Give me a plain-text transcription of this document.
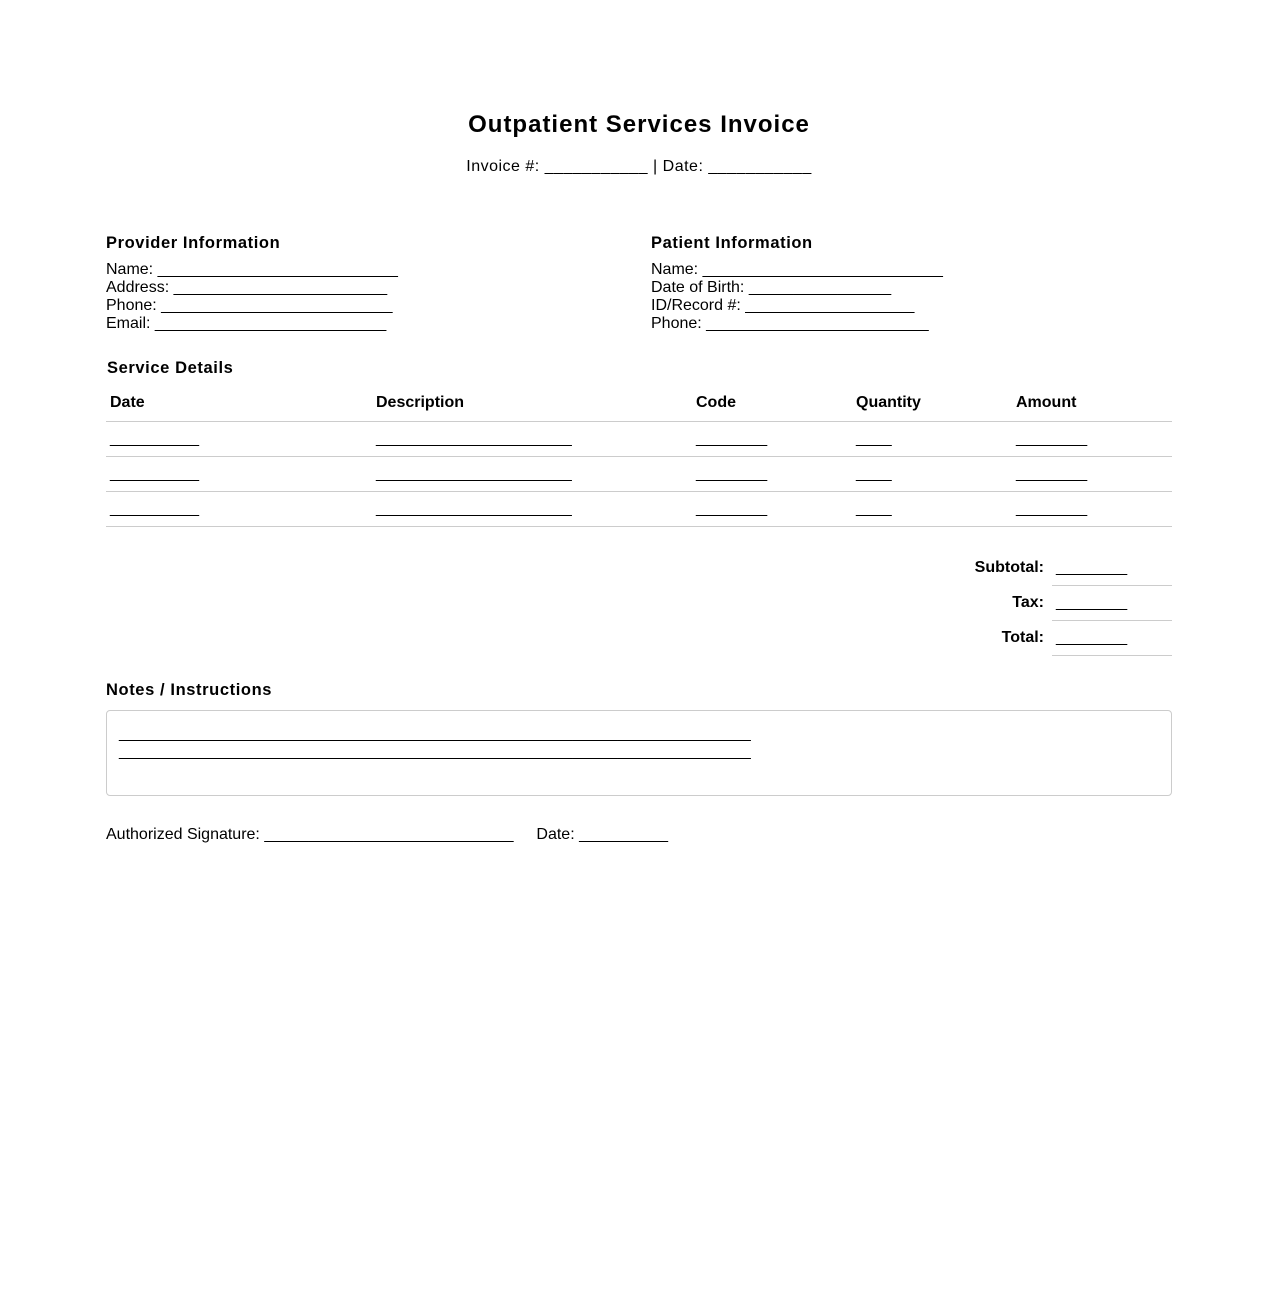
Outpatient Services Invoice
Invoice #: ___________ | Date: ___________
Provider Information
Name: ___________________________
Address: ________________________
Phone: __________________________
Email: __________________________
Patient Information
Name: ___________________________
Date of Birth: ________________
ID/Record #: ___________________
Phone: _________________________
Service Details
Date	Description	Code	Quantity	Amount
__________	______________________	________	____	________
__________	______________________	________	____	________
__________	______________________	________	____	________
Subtotal: ________
Tax: ________
Total: ________
Notes / Instructions
_______________________________________________________________________
_______________________________________________________________________
Authorized Signature: ____________________________ Date: __________
